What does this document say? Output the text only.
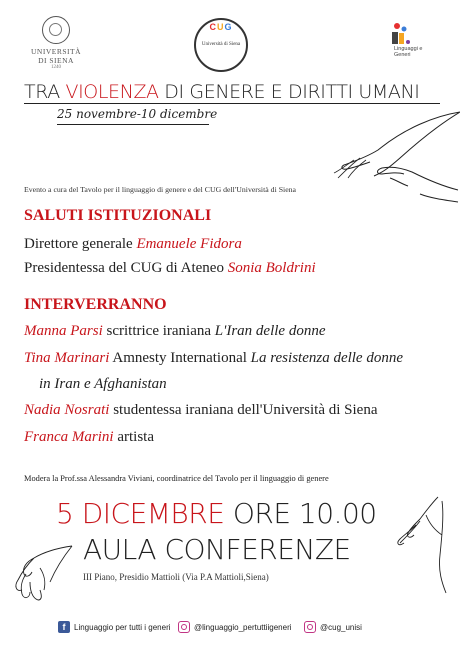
UNIVERSITÀ
DI SIENA
1240
CUG
Università di Siena
Linguaggi e
Generi
TRA VIOLENZA DI GENERE E DIRITTI UMANI
25 novembre-10 dicembre
Evento a cura del Tavolo per il linguaggio di genere e del CUG dell'Università di Siena
SALUTI ISTITUZIONALI
Direttore generale Emanuele Fidora
Presidentessa del CUG di Ateneo Sonia Boldrini
INTERVERRANNO
Manna Parsi scrittrice iraniana L'Iran delle donne
Tina Marinari Amnesty International La resistenza delle donne
in Iran e Afghanistan
Nadia Nosrati studentessa iraniana dell'Università di Siena
Franca Marini artista
Modera la Prof.ssa Alessandra Viviani, coordinatrice del Tavolo per il linguaggio di genere
5 DICEMBRE ORE 10.00
AULA CONFERENZE
III Piano, Presidio Mattioli (Via P.A Mattioli,Siena)
f	Linguaggio per tutti i generi	@linguaggio_pertuttiigeneri	@cug_unisi
